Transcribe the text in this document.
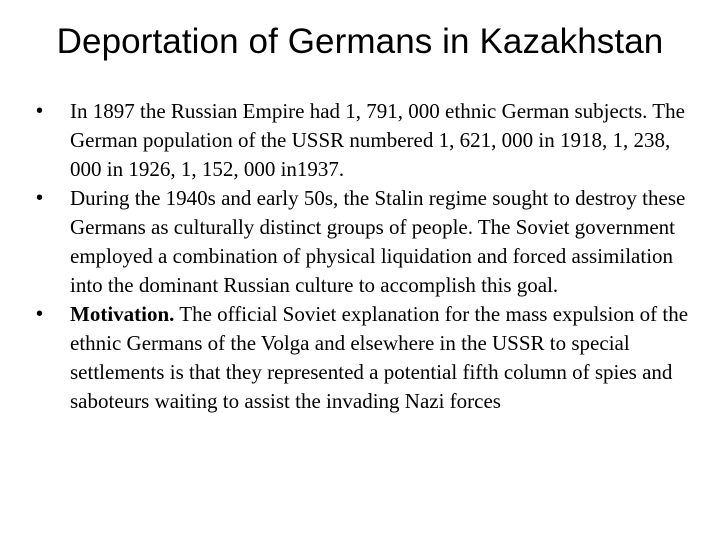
Deportation of Germans in Kazakhstan

•	In 1897 the Russian Empire had 1, 791, 000 ethnic German subjects. The German population of the USSR numbered 1, 621, 000 in 1918, 1, 238, 000 in 1926, 1, 152, 000 in1937.

•	During the 1940s and early 50s, the Stalin regime sought to destroy these Germans as culturally distinct groups of people. The Soviet government employed a combination of physical liquidation and forced assimilation into the dominant Russian culture to accomplish this goal.

•	Motivation. The official Soviet explanation for the mass expulsion of the ethnic Germans of the Volga and elsewhere in the USSR to special settlements is that they represented a potential fifth column of spies and saboteurs waiting to assist the invading Nazi forces
